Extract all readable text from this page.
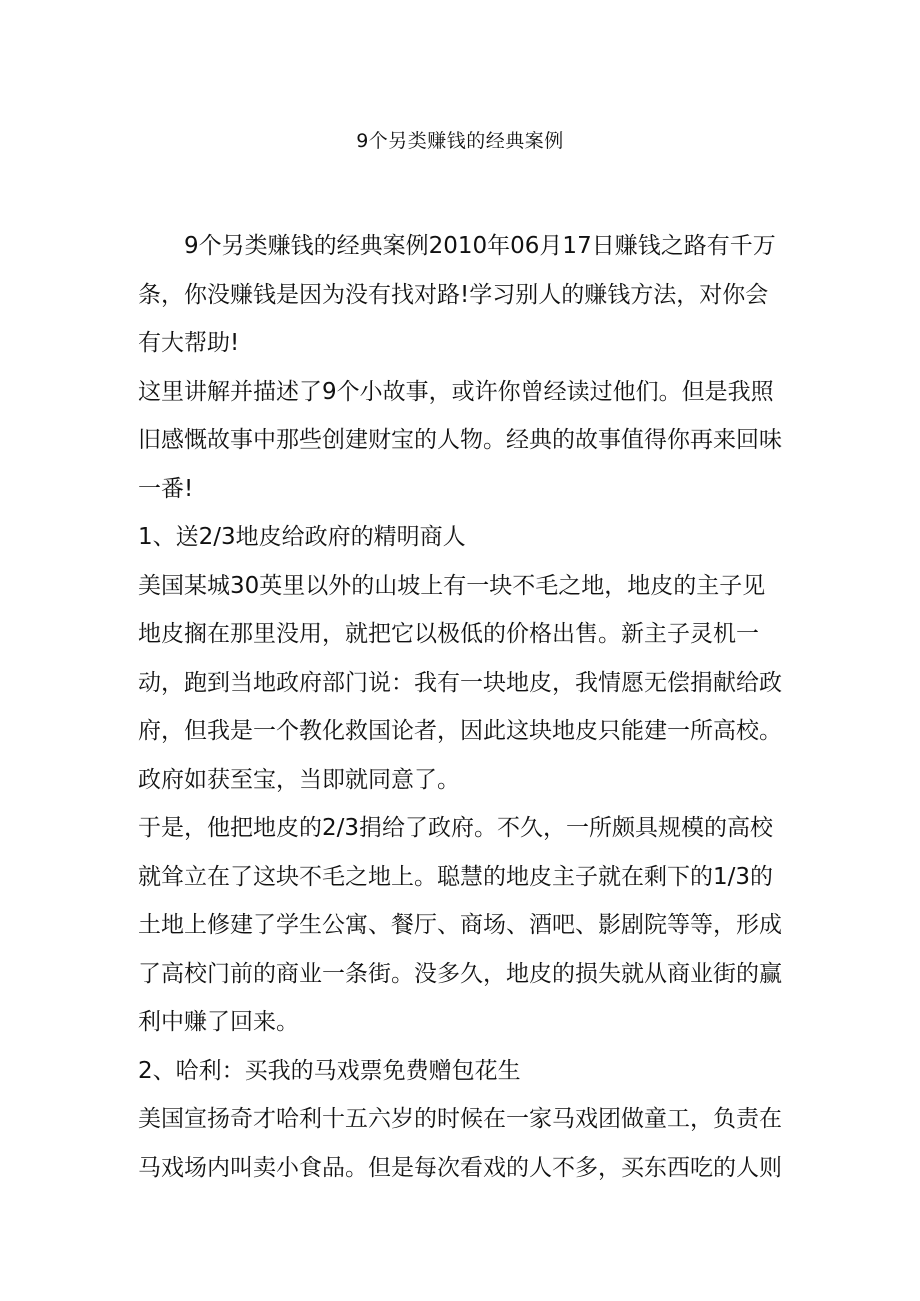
9个另类赚钱的经典案例

9个另类赚钱的经典案例2010年06月17日赚钱之路有千万条，你没赚钱是因为没有找对路!学习别人的赚钱方法，对你会有大帮助!

这里讲解并描述了9个小故事，或许你曾经读过他们。但是我照旧感慨故事中那些创建财宝的人物。经典的故事值得你再来回味一番!

1、送2/3地皮给政府的精明商人

美国某城30英里以外的山坡上有一块不毛之地，地皮的主子见地皮搁在那里没用，就把它以极低的价格出售。新主子灵机一动，跑到当地政府部门说：我有一块地皮，我情愿无偿捐献给政府，但我是一个教化救国论者，因此这块地皮只能建一所高校。政府如获至宝，当即就同意了。

于是，他把地皮的2/3捐给了政府。不久，一所颇具规模的高校就耸立在了这块不毛之地上。聪慧的地皮主子就在剩下的1/3的土地上修建了学生公寓、餐厅、商场、酒吧、影剧院等等，形成了高校门前的商业一条街。没多久，地皮的损失就从商业街的赢利中赚了回来。

2、哈利：买我的马戏票免费赠包花生

美国宣扬奇才哈利十五六岁的时候在一家马戏团做童工，负责在马戏场内叫卖小食品。但是每次看戏的人不多，买东西吃的人则
